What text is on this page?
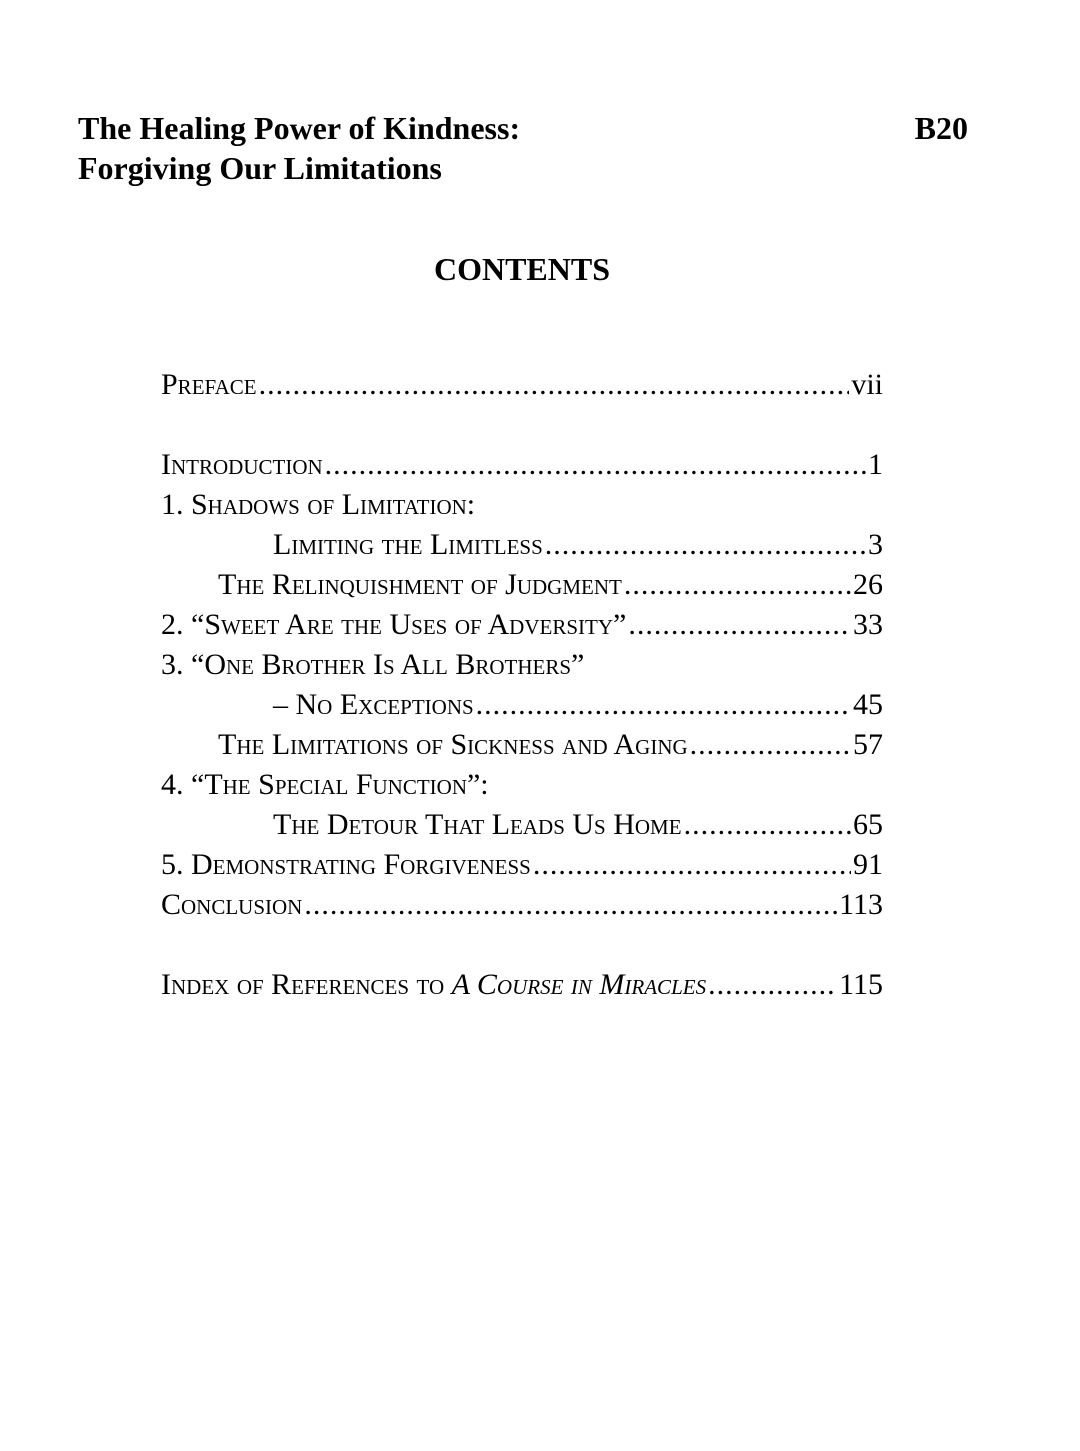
The Healing Power of Kindness:
Forgiving Our Limitations
B20
CONTENTS
Preface .....	vii
Introduction .....	1
1. Shadows of Limitation:
Limiting the Limitless .....	3
The Relinquishment of Judgment .....	26
2. “Sweet Are the Uses of Adversity” .....	33
3. “One Brother Is All Brothers”
– No Exceptions .....	45
The Limitations of Sickness and Aging .....	57
4. “The Special Function”:
The Detour That Leads Us Home .....	65
5. Demonstrating Forgiveness .....	91
Conclusion .....	113
Index of References to A Course in Miracles .....	115
